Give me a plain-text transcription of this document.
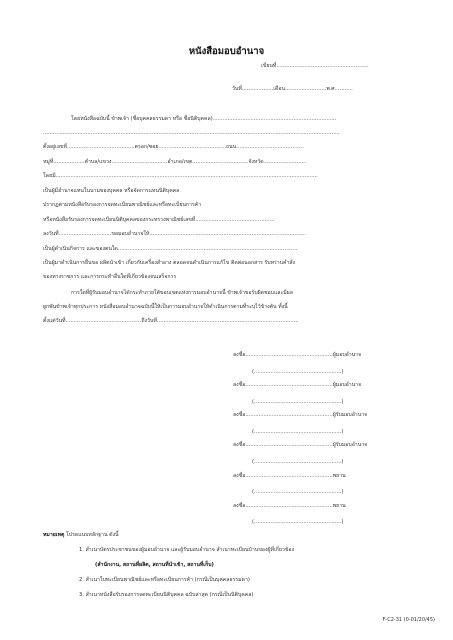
หนังสือมอบอำนาจ
เขียนที่........................................................
วันที่...................เดือน.........................พ.ศ...........
โดยหนังสือฉบับนี้ ข้าพเจ้า (ชื่อบุคคลธรรมดา หรือ ชื่อนิติบุคคล)...........................................................................
....................................................................................................................................................................................
ตั้งอยู่เลขที่.........................................ตรอก/ซอย.........................................ถนน.........................................
หมู่ที่...................ตำบล/แขวง..................................อำเภอ/เขต..................................จังหวัด..........................
โดยมี...............................................................................................................................................................
เป็นผู้มีอำนาจแทนในนามของบุคคล หรือจัดการแทนนิติบุคคล
ปรากฏตามหนังสือรับรองการจดทะเบียนพาณิชย์และหรือทะเบียนการค้า
หรือหนังสือรับรองการจดทะเบียนนิติบุคคลของกระทรวงพาณิชย์เลขที่................................................
ลงวันที่................................ขอมอบอำนาจให้...............................................................................................
เป็นผู้ดำเนินกิจการ และของตนใด.............................................................................................................
เป็นผู้มาดำเนินการยื่นขอ ผลิตนำเข้า เกี่ยวกับเครื่องสำอาง ตลอดจนดำเนินการแก้ไข ติดต่อนอกสาร รับทราบคำสั่ง
ของทางราชการ และการกระทำอื่นใดที่เกี่ยวข้องจนเสร็จการ
การใดที่ผู้รับมอบอำนาจได้กระทำภายใต้ขอบเขตแห่งการมอบอำนาจนี้ ข้าพเจ้าขอรับผิดชอบและมีผล
ผูกพันข้าพเจ้าทุกประการ หนังสือมอบอำนาจฉบับนี้ให้เป็นการมอบอำนาจให้ดำเนินการตามที่ระบุไว้ข้างต้น ทั้งนี้
ตั้งแต่วันที่..............................................ถึงวันที่......................................................................................
ลงชื่อ.....................................................ผู้มอบอำนาจ
(.....................................................)
ลงชื่อ.....................................................ผู้มอบอำนาจ
(.....................................................)
ลงชื่อ.....................................................ผู้รับมอบอำนาจ
(.....................................................)
ลงชื่อ.....................................................ผู้รับมอบอำนาจ
(.....................................................)
ลงชื่อ.....................................................พยาน
(.....................................................)
ลงชื่อ.....................................................พยาน
(.....................................................)
หมายเหตุ โปรดแนบหลักฐาน ดังนี้
1. สำเนาบัตรประชาชนของผู้มอบอำนาจ และผู้รับมอบอำนาจ สำเนาทะเบียนบ้านของผู้ที่เกี่ยวข้อง
(สำนักงาน, สถานที่ผลิต, สถานที่นำเข้า, สถานที่เก็บ)
2. สำเนาใบทะเบียนพาณิชย์และหรือทะเบียนการค้า (กรณีเป็นบุคคลธรรมดา)
3. สำเนาหนังสือรับรองการจดทะเบียนนิติบุคคล ฉบับล่าสุด (กรณีเป็นนิติบุคคล)
F-C2-31 (0-01/20/45)
